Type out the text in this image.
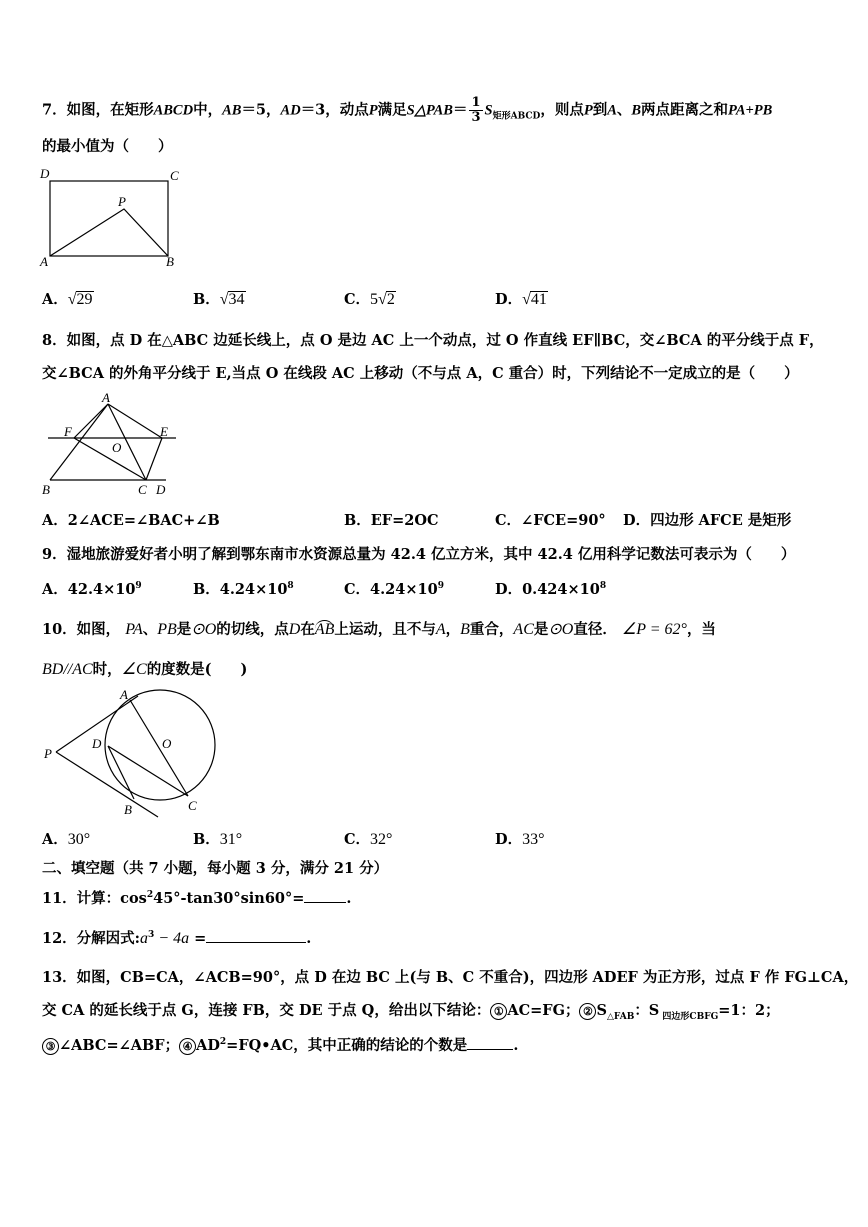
7．如图，在矩形ABCD中，AB＝5，AD＝3，动点P满足S△PAB＝ $\frac{1}{3} S_{矩形ABCD}$，则点P到A、B两点距离之和PA+PB
的最小值为（　　）
D	C
P
A	B
A．√29	B．√34	C．5√2	D．√41
8．如图，点 D 在△ABC 边延长线上，点 O 是边 AC 上一个动点，过 O 作直线 EF∥BC，交∠BCA 的平分线于点 F，
交∠BCA 的外角平分线于 E,当点 O 在线段 AC 上移动（不与点 A，C 重合）时，下列结论不一定成立的是（　　）
A
F	E
O
B	C D
A．2∠ACE=∠BAC+∠B	B．EF=2OC	C．∠FCE=90° D．四边形 AFCE 是矩形
9．湿地旅游爱好者小明了解到鄂东南市水资源总量为 42.4 亿立方米，其中 42.4 亿用科学记数法可表示为（　　）
A．$42.4\times 10^9$	B．$4.24\times 10^8$	C．$4.24\times 10^9$	D．$0.424\times 10^8$
10．如图， PA、PB是⊙O的切线，点D在AB上运动，且不与A，B重合，AC是⊙O直径． ∠P = 62°，当
BD//AC时，∠C的度数是(　　)
A
P
D	O
B	C
A．30°	B．31°	C．32°	D．33°
二、填空题（共 7 小题，每小题 3 分，满分 21 分）
11．计算：$\cos^245^\circ-\tan 30^\circ\sin 60^\circ=$	.
12．分解因式$:a^3 - 4a$ =	.
13．如图，CB=CA，∠ACB=90°，点 D 在边 BC 上(与 B、C 不重合)，四边形 ADEF 为正方形，过点 F 作 FG⊥CA，
交 CA 的延长线于点 G，连接 FB，交 DE 于点 Q，给出以下结论： ① AC=FG； ② $S_{\triangle FAB}$：S $_{四边形CBFG}$=1：2；
③ ∠ABC=∠ABF； ④ $AD^2=FQ•AC$，其中正确的结论的个数是	.
